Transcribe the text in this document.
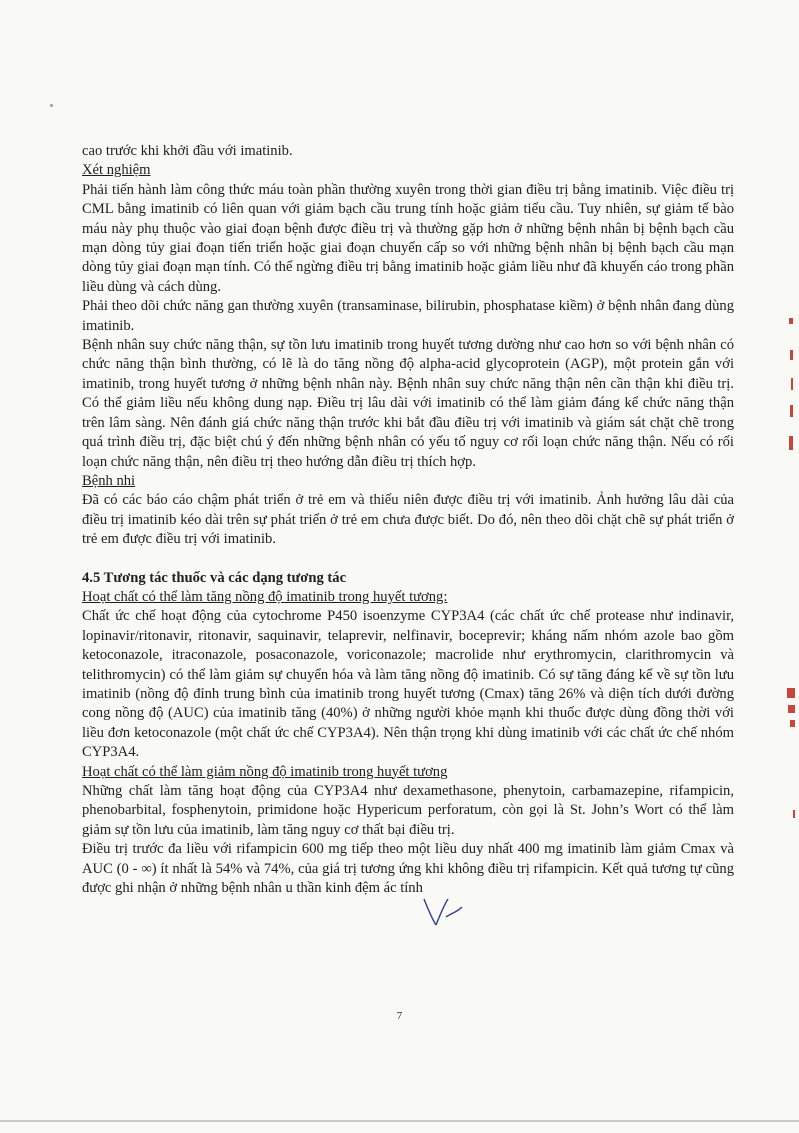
cao trước khi khởi đầu với imatinib.

Xét nghiệm

Phải tiến hành làm công thức máu toàn phần thường xuyên trong thời gian điều trị bằng imatinib. Việc điều trị CML bằng imatinib có liên quan với giảm bạch cầu trung tính hoặc giảm tiểu cầu. Tuy nhiên, sự giảm tế bào máu này phụ thuộc vào giai đoạn bệnh được điều trị và thường gặp hơn ở những bệnh nhân bị bệnh bạch cầu mạn dòng tủy giai đoạn tiến triển hoặc giai đoạn chuyển cấp so với những bệnh nhân bị bệnh bạch cầu mạn dòng tủy giai đoạn mạn tính. Có thể ngừng điều trị bằng imatinib hoặc giảm liều như đã khuyến cáo trong phần liều dùng và cách dùng.

Phải theo dõi chức năng gan thường xuyên (transaminase, bilirubin, phosphatase kiềm) ở bệnh nhân đang dùng imatinib.

Bệnh nhân suy chức năng thận, sự tồn lưu imatinib trong huyết tương dường như cao hơn so với bệnh nhân có chức năng thận bình thường, có lẽ là do tăng nồng độ alpha-acid glycoprotein (AGP), một protein gắn với imatinib, trong huyết tương ở những bệnh nhân này. Bệnh nhân suy chức năng thận nên cần thận khi điều trị. Có thể giảm liều nếu không dung nạp. Điều trị lâu dài với imatinib có thể làm giảm đáng kể chức năng thận trên lâm sàng. Nên đánh giá chức năng thận trước khi bắt đầu điều trị với imatinib và giám sát chặt chẽ trong quá trình điều trị, đặc biệt chú ý đến những bệnh nhân có yếu tố nguy cơ rối loạn chức năng thận. Nếu có rối loạn chức năng thận, nên điều trị theo hướng dẫn điều trị thích hợp.

Bệnh nhi

Đã có các báo cáo chậm phát triển ở trẻ em và thiếu niên được điều trị với imatinib. Ảnh hưởng lâu dài của điều trị imatinib kéo dài trên sự phát triển ở trẻ em chưa được biết. Do đó, nên theo dõi chặt chẽ sự phát triển ở trẻ em được điều trị với imatinib.

4.5 Tương tác thuốc và các dạng tương tác

Hoạt chất có thể làm tăng nồng độ imatinib trong huyết tương:

Chất ức chế hoạt động của cytochrome P450 isoenzyme CYP3A4 (các chất ức chế protease như indinavir, lopinavir/ritonavir, ritonavir, saquinavir, telaprevir, nelfinavir, boceprevir; kháng nấm nhóm azole bao gồm ketoconazole, itraconazole, posaconazole, voriconazole; macrolide như erythromycin, clarithromycin và telithromycin) có thể làm giảm sự chuyển hóa và làm tăng nồng độ imatinib. Có sự tăng đáng kể về sự tồn lưu imatinib (nồng độ đỉnh trung bình của imatinib trong huyết tương (Cmax) tăng 26% và diện tích dưới đường cong nồng độ (AUC) của imatinib tăng (40%) ở những người khỏe mạnh khi thuốc được dùng đồng thời với liều đơn ketoconazole (một chất ức chế CYP3A4). Nên thận trọng khi dùng imatinib với các chất ức chế nhóm CYP3A4.

Hoạt chất có thể làm giảm nồng độ imatinib trong huyết tương

Những chất làm tăng hoạt động của CYP3A4 như dexamethasone, phenytoin, carbamazepine, rifampicin, phenobarbital, fosphenytoin, primidone hoặc Hypericum perforatum, còn gọi là St. John’s Wort có thể làm giảm sự tồn lưu của imatinib, làm tăng nguy cơ thất bại điều trị.

Điều trị trước đa liều với rifampicin 600 mg tiếp theo một liều duy nhất 400 mg imatinib làm giảm Cmax và AUC (0 - ∞) ít nhất là 54% và 74%, của giá trị tương ứng khi không điều trị rifampicin. Kết quả tương tự cũng được ghi nhận ở những bệnh nhân u thần kinh đệm ác tính

7
